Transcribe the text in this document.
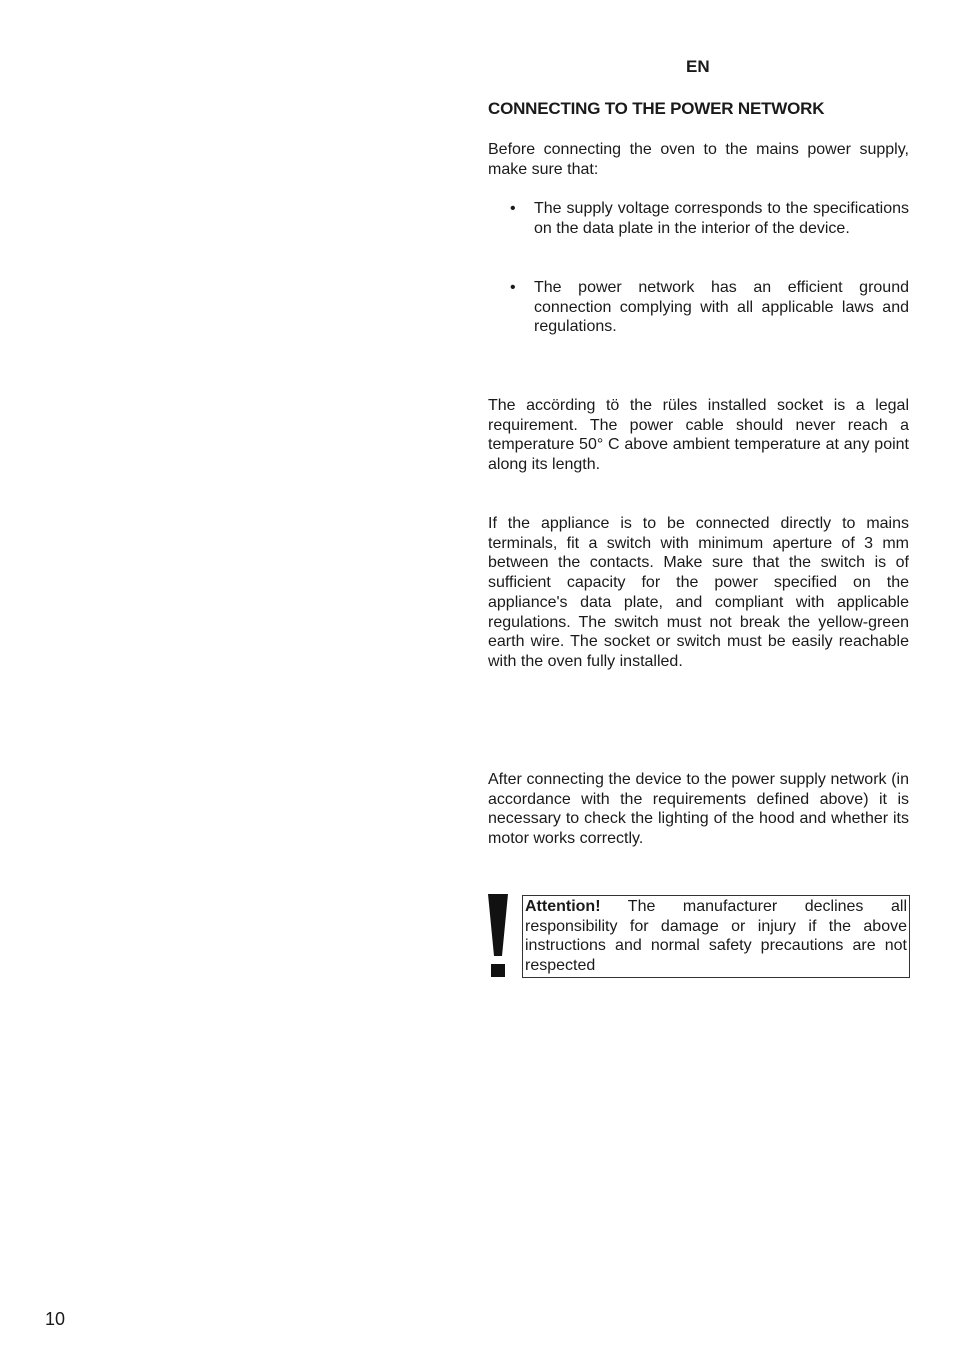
EN
CONNECTING TO THE POWER NETWORK

Before connecting the oven to the mains power supply, make sure that:

• The supply voltage corresponds to the specifications on the data plate in the interior of the device.
• The power network has an efficient ground connection complying with all applicable laws and regulations.

The accörding tö the rüles installed socket is a legal requirement. The power cable should never reach a temperature 50° C above ambient temperature at any point along its length.

If the appliance is to be connected directly to mains terminals, fit a switch with minimum aperture of 3 mm between the contacts. Make sure that the switch is of sufficient capacity for the power specified on the appliance's data plate, and compliant with applicable regulations. The switch must not break the yellow-green earth wire. The socket or switch must be easily reachable with the oven fully installed.

After connecting the device to the power supply network (in accordance with the requirements defined above) it is necessary to check the lighting of the hood and whether its motor works correctly.

Attention! The manufacturer declines all responsibility for damage or injury if the above instructions and normal safety precautions are not respected
10
